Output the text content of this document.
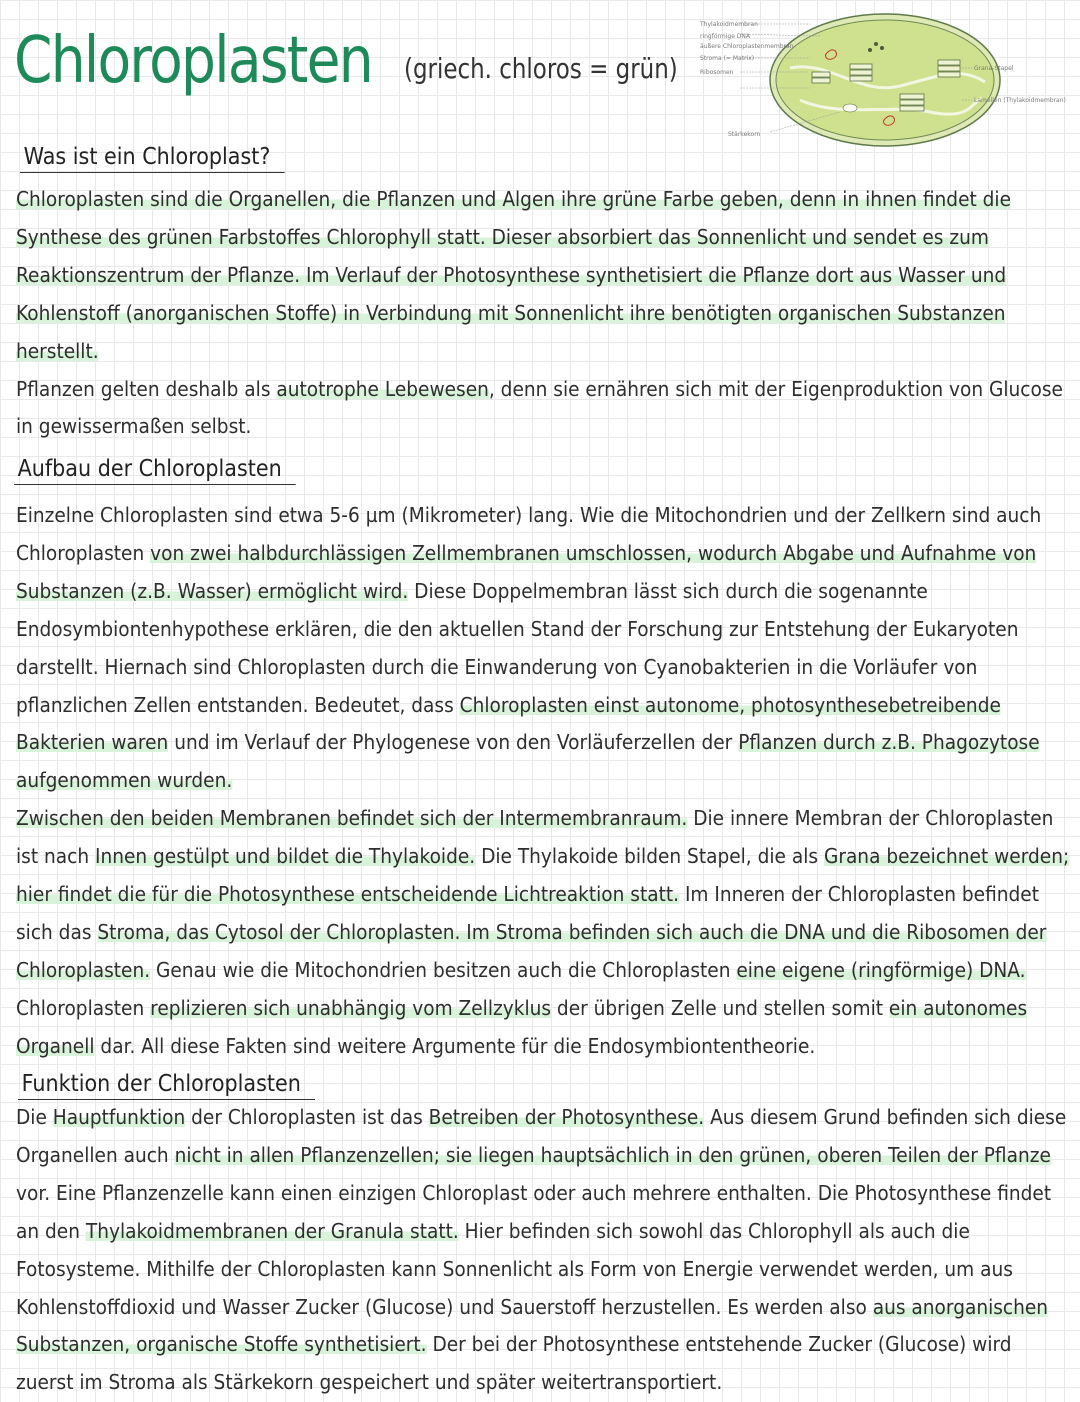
Chloroplasten (griech. chloros = grün)
Thylakoidmembran
ringförmige DNA
äußere Chloroplastenmembran
Stroma (= Matrix)
Ribosomen
Stärkekorn
Grana-Stapel
Lamellen (Thylakoidmembran)
Was ist ein Chloroplast?

Chloroplasten sind die Organellen, die Pflanzen und Algen ihre grüne Farbe geben, denn in ihnen findet die Synthese des grünen Farbstoffes Chlorophyll statt. Dieser absorbiert das Sonnenlicht und sendet es zum Reaktionszentrum der Pflanze. Im Verlauf der Photosynthese synthetisiert die Pflanze dort aus Wasser und Kohlenstoff (anorganischen Stoffe) in Verbindung mit Sonnenlicht ihre benötigten organischen Substanzen herstellt.

Pflanzen gelten deshalb als autotrophe Lebewesen, denn sie ernähren sich mit der Eigenproduktion von Glucose in gewissermaßen selbst.

Aufbau der Chloroplasten

Einzelne Chloroplasten sind etwa 5-6 µm (Mikrometer) lang. Wie die Mitochondrien und der Zellkern sind auch Chloroplasten von zwei halbdurchlässigen Zellmembranen umschlossen, wodurch Abgabe und Aufnahme von Substanzen (z.B. Wasser) ermöglicht wird. Diese Doppelmembran lässt sich durch die sogenannte Endosymbiontenhypothese erklären, die den aktuellen Stand der Forschung zur Entstehung der Eukaryoten darstellt. Hiernach sind Chloroplasten durch die Einwanderung von Cyanobakterien in die Vorläufer von pflanzlichen Zellen entstanden. Bedeutet, dass Chloroplasten einst autonome, photosynthesebetreibende Bakterien waren und im Verlauf der Phylogenese von den Vorläuferzellen der Pflanzen durch z.B. Phagozytose aufgenommen wurden.

Zwischen den beiden Membranen befindet sich der Intermembranraum. Die innere Membran der Chloroplasten ist nach Innen gestülpt und bildet die Thylakoide. Die Thylakoide bilden Stapel, die als Grana bezeichnet werden; hier findet die für die Photosynthese entscheidende Lichtreaktion statt. Im Inneren der Chloroplasten befindet sich das Stroma, das Cytosol der Chloroplasten. Im Stroma befinden sich auch die DNA und die Ribosomen der Chloroplasten. Genau wie die Mitochondrien besitzen auch die Chloroplasten eine eigene (ringförmige) DNA. Chloroplasten replizieren sich unabhängig vom Zellzyklus der übrigen Zelle und stellen somit ein autonomes Organell dar. All diese Fakten sind weitere Argumente für die Endosymbiontentheorie.

Funktion der Chloroplasten

Die Hauptfunktion der Chloroplasten ist das Betreiben der Photosynthese. Aus diesem Grund befinden sich diese Organellen auch nicht in allen Pflanzenzellen; sie liegen hauptsächlich in den grünen, oberen Teilen der Pflanze vor. Eine Pflanzenzelle kann einen einzigen Chloroplast oder auch mehrere enthalten. Die Photosynthese findet an den Thylakoidmembranen der Granula statt. Hier befinden sich sowohl das Chlorophyll als auch die Fotosysteme. Mithilfe der Chloroplasten kann Sonnenlicht als Form von Energie verwendet werden, um aus Kohlenstoffdioxid und Wasser Zucker (Glucose) und Sauerstoff herzustellen. Es werden also aus anorganischen Substanzen, organische Stoffe synthetisiert. Der bei der Photosynthese entstehende Zucker (Glucose) wird zuerst im Stroma als Stärkekorn gespeichert und später weitertransportiert.
